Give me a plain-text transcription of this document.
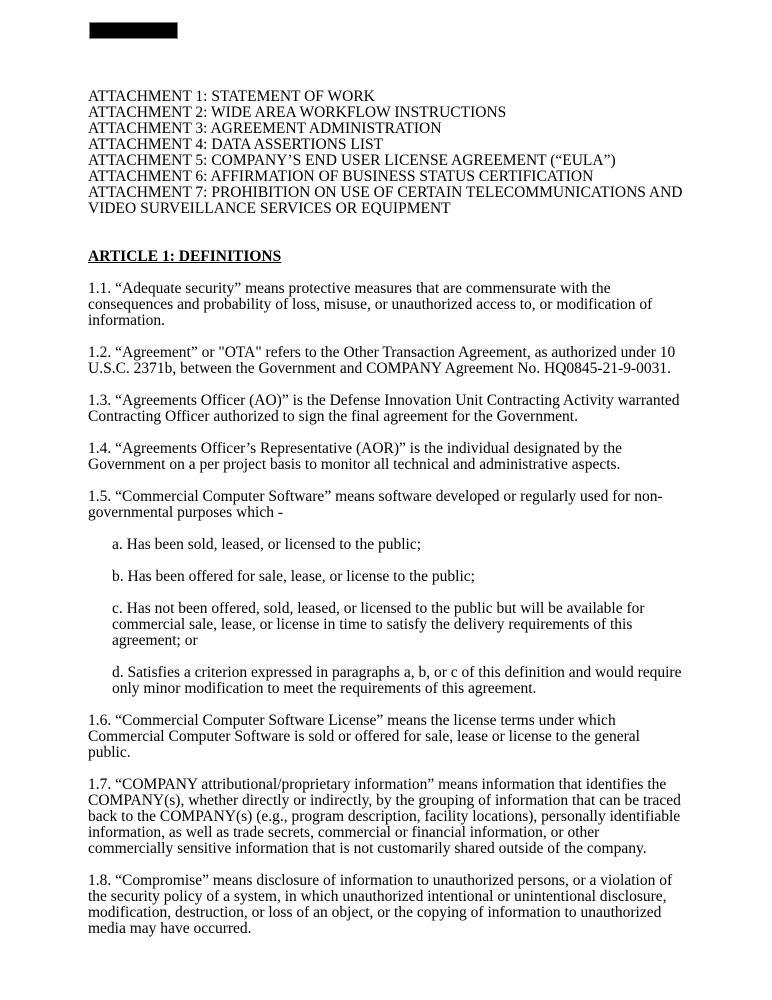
ATTACHMENT 1: STATEMENT OF WORK
ATTACHMENT 2: WIDE AREA WORKFLOW INSTRUCTIONS
ATTACHMENT 3: AGREEMENT ADMINISTRATION
ATTACHMENT 4: DATA ASSERTIONS LIST
ATTACHMENT 5: COMPANY’S END USER LICENSE AGREEMENT (“EULA”)
ATTACHMENT 6: AFFIRMATION OF BUSINESS STATUS CERTIFICATION
ATTACHMENT 7: PROHIBITION ON USE OF CERTAIN TELECOMMUNICATIONS AND VIDEO SURVEILLANCE SERVICES OR EQUIPMENT
ARTICLE 1: DEFINITIONS

1.1. “Adequate security” means protective measures that are commensurate with the consequences and probability of loss, misuse, or unauthorized access to, or modification of information.

1.2. “Agreement” or "OTA" refers to the Other Transaction Agreement, as authorized under 10 U.S.C. 2371b, between the Government and COMPANY Agreement No. HQ0845-21-9-0031.

1.3. “Agreements Officer (AO)” is the Defense Innovation Unit Contracting Activity warranted Contracting Officer authorized to sign the final agreement for the Government.

1.4. “Agreements Officer’s Representative (AOR)” is the individual designated by the Government on a per project basis to monitor all technical and administrative aspects.

1.5. “Commercial Computer Software” means software developed or regularly used for non-governmental purposes which -

a. Has been sold, leased, or licensed to the public;

b. Has been offered for sale, lease, or license to the public;

c. Has not been offered, sold, leased, or licensed to the public but will be available for commercial sale, lease, or license in time to satisfy the delivery requirements of this agreement; or

d. Satisfies a criterion expressed in paragraphs a, b, or c of this definition and would require only minor modification to meet the requirements of this agreement.

1.6. “Commercial Computer Software License” means the license terms under which Commercial Computer Software is sold or offered for sale, lease or license to the general public.

1.7. “COMPANY attributional/proprietary information” means information that identifies the COMPANY(s), whether directly or indirectly, by the grouping of information that can be traced back to the COMPANY(s) (e.g., program description, facility locations), personally identifiable information, as well as trade secrets, commercial or financial information, or other commercially sensitive information that is not customarily shared outside of the company.

1.8. “Compromise” means disclosure of information to unauthorized persons, or a violation of the security policy of a system, in which unauthorized intentional or unintentional disclosure, modification, destruction, or loss of an object, or the copying of information to unauthorized media may have occurred.
